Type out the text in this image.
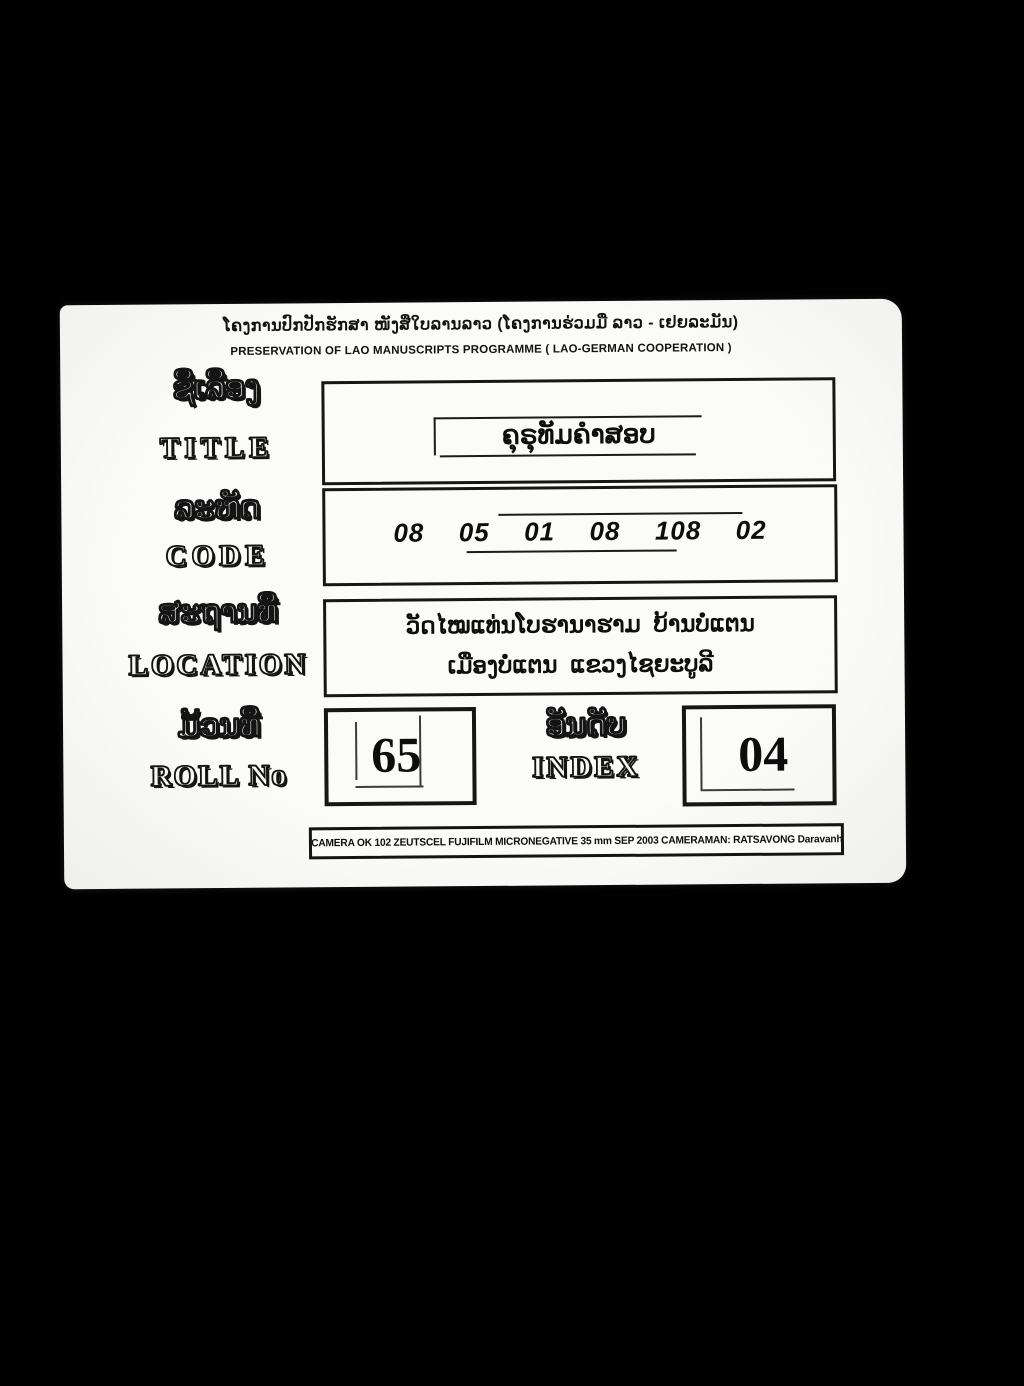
ໂຄງການປົກປັກຮັກສາ ໜັງສືໃບລານລາວ (ໂຄງການຮ່ວມມື ລາວ - ເຢຍລະມັນ)
PRESERVATION OF LAO MANUSCRIPTS PROGRAMME ( LAO-GERMAN COOPERATION )
ຊື່ເລື່ອງ
TITLE
ລະຫັດ
CODE
ສະຖານທີ່
LOCATION
ມ້ວນທີ່
ROLL No
ຄຸຣຸທັມຄຳສອບ
08  05  01  08  108  02
ວັດໄໝແທ່ນໂບຮານາຮາມ  ບ້ານບໍ່ແຕນ
ເມືອງບໍ່ແຕນ  ແຂວງໄຊຍະບູລີ
65
ອັນດັບ
INDEX	04
CAMERA OK 102 ZEUTSCEL FUJIFILM MICRONEGATIVE 35 mm SEP 2003 CAMERAMAN: RATSAVONG Daravanh
